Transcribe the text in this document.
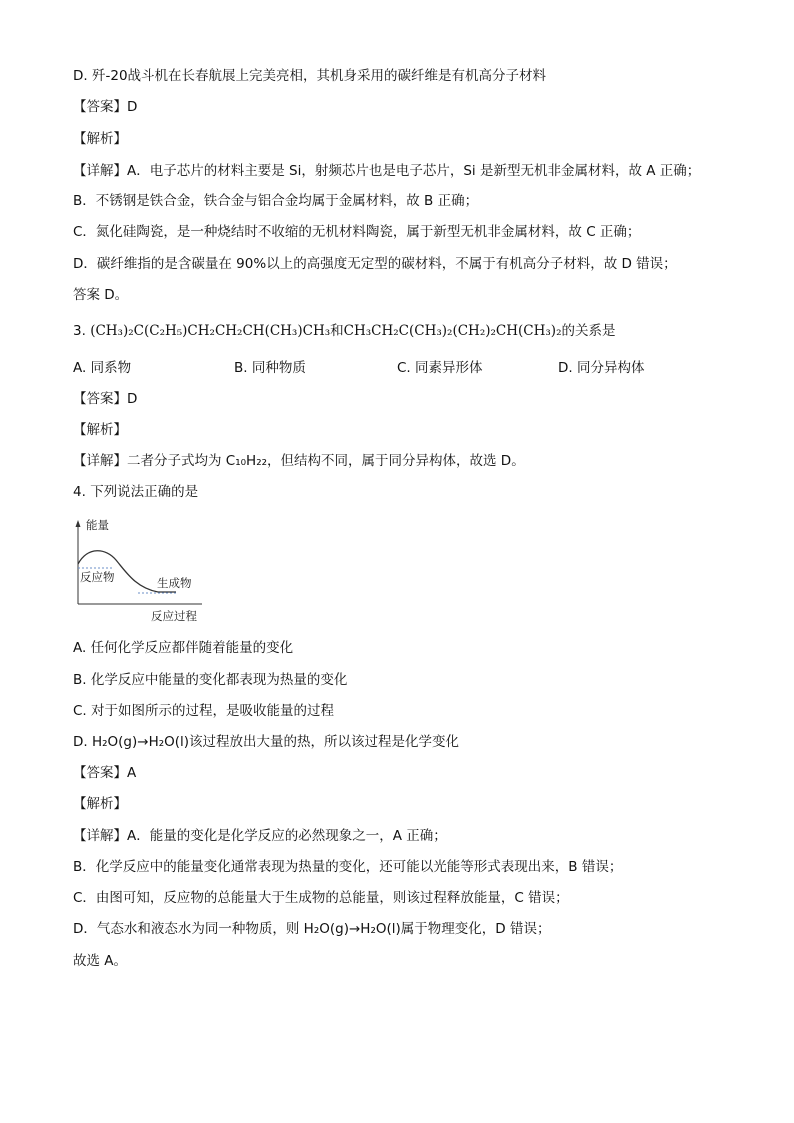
D. 歼-20战斗机在长春航展上完美亮相，其机身采用的碳纤维是有机高分子材料
【答案】D
【解析】
【详解】A．电子芯片的材料主要是 Si，射频芯片也是电子芯片，Si 是新型无机非金属材料，故 A 正确；
B．不锈钢是铁合金，铁合金与铝合金均属于金属材料，故 B 正确；
C．氮化硅陶瓷，是一种烧结时不收缩的无机材料陶瓷，属于新型无机非金属材料，故 C 正确；
D．碳纤维指的是含碳量在 90%以上的高强度无定型的碳材料，不属于有机高分子材料，故 D 错误；
答案 D。
3. (CH₃)₂C(C₂H₅)CH₂CH₂CH(CH₃)CH₃和CH₃CH₂C(CH₃)₂(CH₂)₂CH(CH₃)₂的关系是
A. 同系物	B. 同种物质	C. 同素异形体	D. 同分异构体
【答案】D
【解析】
【详解】二者分子式均为 C₁₀H₂₂，但结构不同，属于同分异构体，故选 D。
4. 下列说法正确的是
能量
反应物	生成物
反应过程
A. 任何化学反应都伴随着能量的变化
B. 化学反应中能量的变化都表现为热量的变化
C. 对于如图所示的过程，是吸收能量的过程
D. H₂O(g)→H₂O(l)该过程放出大量的热，所以该过程是化学变化
【答案】A
【解析】
【详解】A．能量的变化是化学反应的必然现象之一，A 正确；
B．化学反应中的能量变化通常表现为热量的变化，还可能以光能等形式表现出来，B 错误；
C．由图可知，反应物的总能量大于生成物的总能量，则该过程释放能量，C 错误；
D．气态水和液态水为同一种物质，则 H₂O(g)→H₂O(l)属于物理变化，D 错误；
故选 A。
